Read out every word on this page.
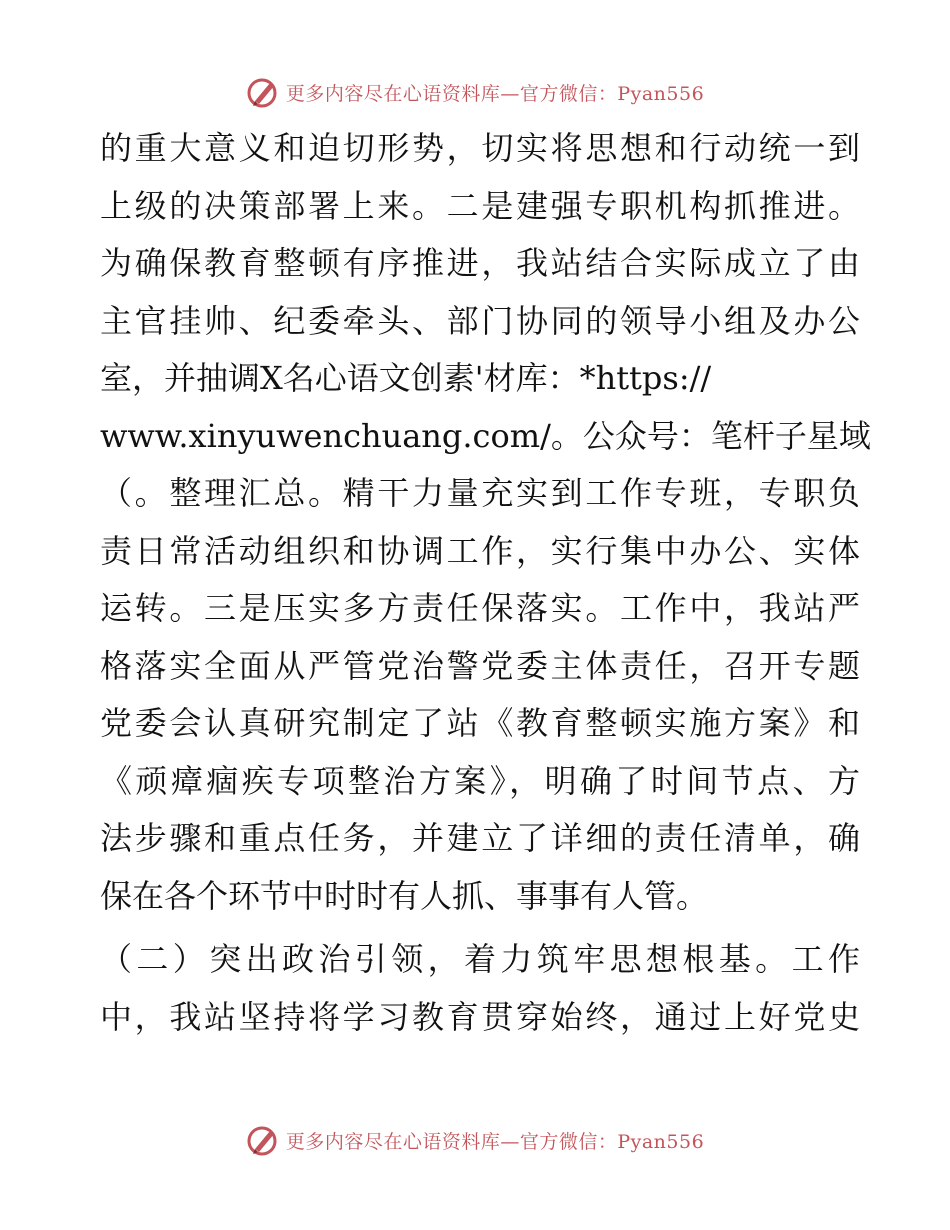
更多内容尽在心语资料库—官方微信：Pyan556
的重大意义和迫切形势，切实将思想和行动统一到
上级的决策部署上来。二是建强专职机构抓推进。
为确保教育整顿有序推进，我站结合实际成立了由
主官挂帅、纪委牵头、部门协同的领导小组及办公
室，并抽调X名心语文创素'材库：*https://
www.xinyuwenchuang.com/。公众号：笔杆子星域
（。整理汇总。精干力量充实到工作专班，专职负
责日常活动组织和协调工作，实行集中办公、实体
运转。三是压实多方责任保落实。工作中，我站严
格落实全面从严管党治警党委主体责任，召开专题
党委会认真研究制定了站《教育整顿实施方案》和
《顽瘴痼疾专项整治方案》，明确了时间节点、方
法步骤和重点任务，并建立了详细的责任清单，确
保在各个环节中时时有人抓、事事有人管。
（二）突出政治引领，着力筑牢思想根基。工作
中，我站坚持将学习教育贯穿始终，通过上好党史
更多内容尽在心语资料库—官方微信：Pyan556
